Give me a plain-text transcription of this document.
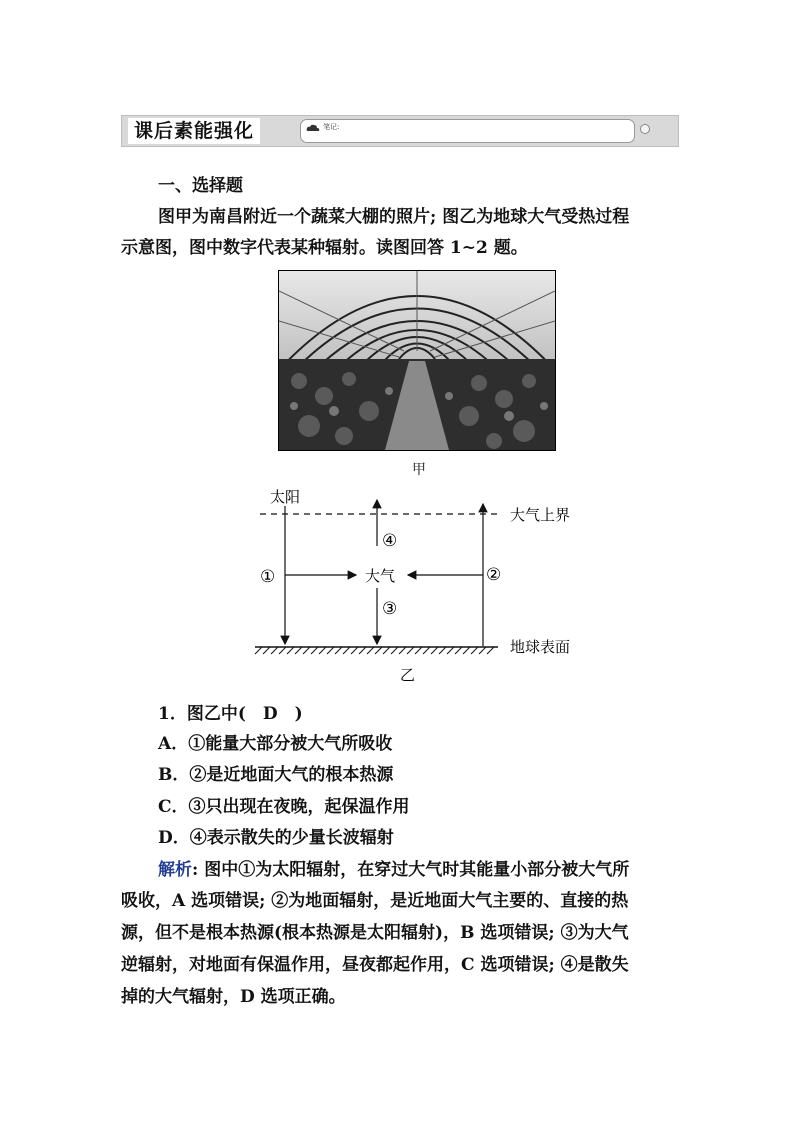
课后素能强化	笔记:
一、选择题
图甲为南昌附近一个蔬菜大棚的照片; 图乙为地球大气受热过程
示意图，图中数字代表某种辐射。读图回答 1~2 题。
甲
太阳
大气上界
大气
①	②
③
④
地球表面
乙
1．图乙中(　D　)
A．①能量大部分被大气所吸收
B．②是近地面大气的根本热源
C．③只出现在夜晚，起保温作用
D．④表示散失的少量长波辐射
解析: 图中①为太阳辐射，在穿过大气时其能量小部分被大气所
吸收，A 选项错误; ②为地面辐射，是近地面大气主要的、直接的热
源，但不是根本热源(根本热源是太阳辐射)，B 选项错误; ③为大气
逆辐射，对地面有保温作用，昼夜都起作用，C 选项错误; ④是散失
掉的大气辐射，D 选项正确。
